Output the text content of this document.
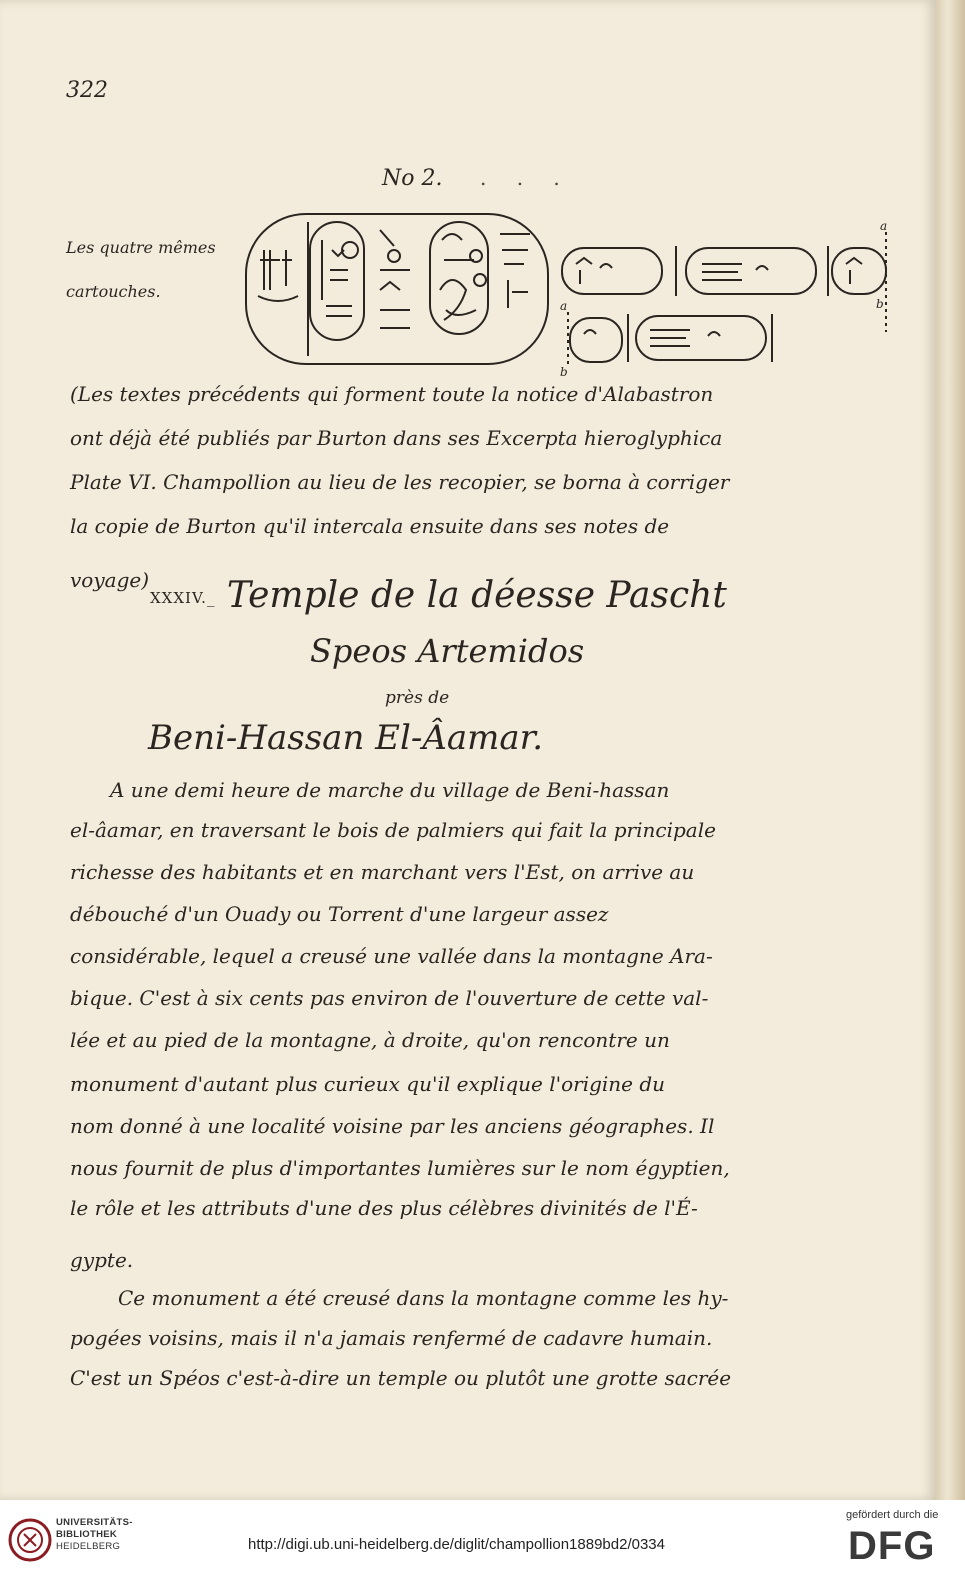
322
No 2. . . .
Les quatre mêmes cartouches.
a
b
a
b
(Les textes précédents qui forment toute la notice d'Alabastron
ont déjà été publiés par Burton dans ses Excerpta hieroglyphica
Plate VI. Champollion au lieu de les recopier, se borna à corriger
la copie de Burton qu'il intercala ensuite dans ses notes de
voyage)
XXXIV._ Temple de la déesse Pascht
Speos Artemidos
près de
Beni-Hassan El-Âamar.
A une demi heure de marche du village de Beni-hassan
el-âamar, en traversant le bois de palmiers qui fait la principale
richesse des habitants et en marchant vers l'Est, on arrive au
débouché d'un Ouady ou Torrent d'une largeur assez
considérable, lequel a creusé une vallée dans la montagne Ara-
bique. C'est à six cents pas environ de l'ouverture de cette val-
lée et au pied de la montagne, à droite, qu'on rencontre un
monument d'autant plus curieux qu'il explique l'origine du
nom donné à une localité voisine par les anciens géographes. Il
nous fournit de plus d'importantes lumières sur le nom égyptien,
le rôle et les attributs d'une des plus célèbres divinités de l'É-
gypte.
Ce monument a été creusé dans la montagne comme les hy-
pogées voisins, mais il n'a jamais renfermé de cadavre humain.
C'est un Spéos c'est-à-dire un temple ou plutôt une grotte sacrée
UNIVERSITÄTS-
BIBLIOTHEK
HEIDELBERG	http://digi.ub.uni-heidelberg.de/diglit/champollion1889bd2/0334
gefördert durch die
DFG
